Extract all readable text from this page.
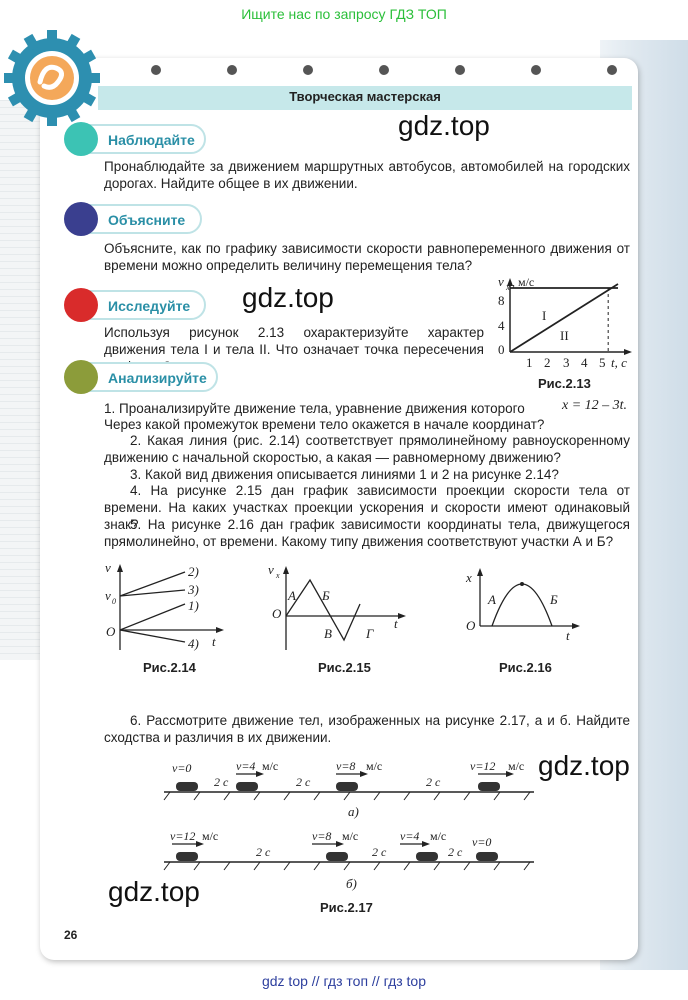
Ищите нас по запросу ГДЗ ТОП
Творческая мастерская
Наблюдайте
Пронаблюдайте за движением маршрутных автобусов, автомобилей на городских дорогах. Найдите общее в их движении.
Объясните
Объясните, как по графику зависимости скорости равнопеременного движения от времени можно определить величину перемещения тела?
Исследуйте
Используя рисунок 2.13 охарактеризуйте характер движения тела I и тела II. Что означает точка пересечения
Анализируйте
v x , м/с
8
4
0
1 2 3 4 5 t, с
I
II
Рис.2.13
1. Проанализируйте движение тела, уравнение движения которого	x = 12 – 3t.
Через какой промежуток времени тело окажется в начале координат?
2. Какая линия (рис. 2.14) соответствует прямолинейному равноускоренному движению с начальной скоростью, а какая — равномерному движению?
3. Какой вид движения описывается линиями 1 и 2 на рисунке 2.14?
4. На рисунке 2.15 дан график зависимости проекции скорости тела от времени. На каких участках проекции ускорения и скорости имеют одинаковый знак?
5. На рисунке 2.16 дан график зависимости координаты тела, движущегося прямолинейно, от времени. Какому типу движения соответствуют участки А и Б?
v
v 0
O
t
2)
3)
1)
4)
Рис.2.14
v x
O
t
А Б
В	Г
Рис.2.15
x
O
t
А	Б
Рис.2.16
6. Рассмотрите движение тел, изображенных на рисунке 2.17, а и б. Найдите сходства и различия в их движении.
v=0	v=4 м/с	v=8 м/с	v=12 м/с
2 с	2 с	2 с
а)
v=12 м/с	v=8 м/с	v=4 м/с v=0
2 с	2 с	2 с
б)
Рис.2.17
gdz.top
gdz.top
gdz.top
gdz.top
26
gdz top // гдз топ // гдз top
